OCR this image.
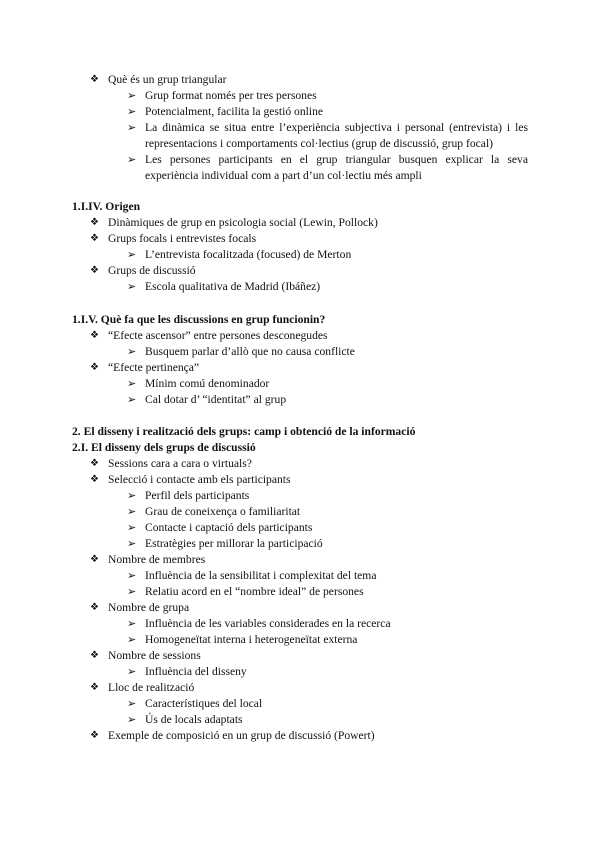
❖ Què és un grup triangular
➢ Grup format només per tres persones
➢ Potencialment, facilita la gestió online
➢ La dinàmica se situa entre l’experiència subjectiva i personal (entrevista) i les representacions i comportaments col·lectius (grup de discussió, grup focal)
➢ Les persones participants en el grup triangular busquen explicar la seva experiència individual com a part d’un col·lectiu més ampli
1.I.IV. Origen
❖ Dinàmiques de grup en psicologia social (Lewin, Pollock)
❖ Grups focals i entrevistes focals
➢ L’entrevista focalitzada (focused) de Merton
❖ Grups de discussió
➢ Escola qualitativa de Madrid (Ibáñez)
1.I.V. Què fa que les discussions en grup funcionin?
❖ “Efecte ascensor” entre persones desconegudes
➢ Busquem parlar d’allò que no causa conflicte
❖ “Efecte pertinença”
➢ Mínim comú denominador
➢ Cal dotar d’ “identitat” al grup
2. El disseny i realització dels grups: camp i obtenció de la informació
2.I. El disseny dels grups de discussió
❖ Sessions cara a cara o virtuals?
❖ Selecció i contacte amb els participants
➢ Perfil dels participants
➢ Grau de coneixença o familiaritat
➢ Contacte i captació dels participants
➢ Estratègies per millorar la participació
❖ Nombre de membres
➢ Influència de la sensibilitat i complexitat del tema
➢ Relatiu acord en el “nombre ideal” de persones
❖ Nombre de grupa
➢ Influència de les variables considerades en la recerca
➢ Homogeneïtat interna i heterogeneïtat externa
❖ Nombre de sessions
➢ Influència del disseny
❖ Lloc de realització
➢ Característiques del local
➢ Ús de locals adaptats
❖ Exemple de composició en un grup de discussió (Powert)
